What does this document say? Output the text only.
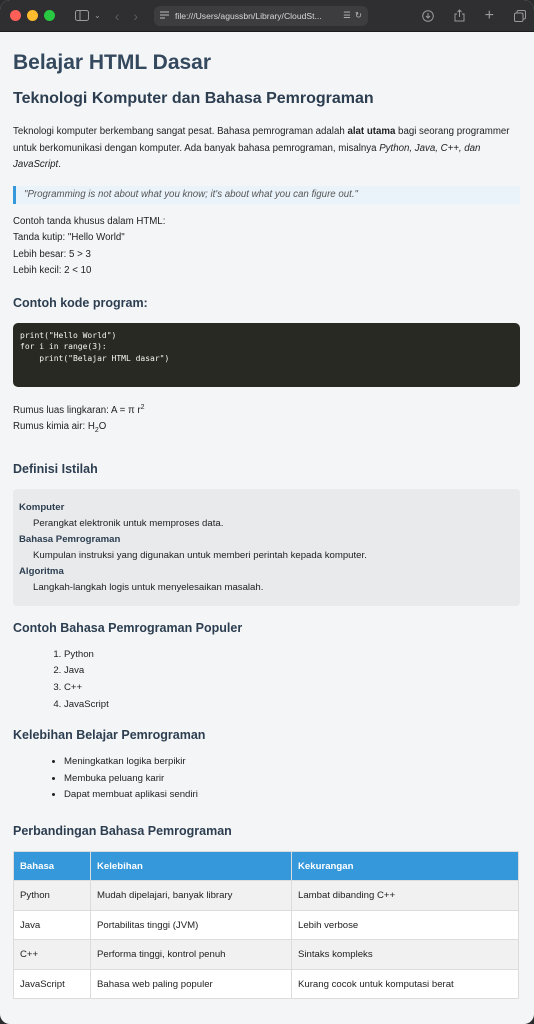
⌄ ‹ ›	file:///Users/agussbn/Library/CloudSt...	☰ ↻	+
Belajar HTML Dasar
Teknologi Komputer dan Bahasa Pemrograman

Teknologi komputer berkembang sangat pesat. Bahasa pemrograman adalah alat utama bagi seorang programmer untuk berkomunikasi dengan komputer. Ada banyak bahasa pemrograman, misalnya Python, Java, C++, dan JavaScript.

"Programming is not about what you know; it's about what you can figure out."
Contoh tanda khusus dalam HTML:
Tanda kutip: "Hello World"
Lebih besar: 5 > 3
Lebih kecil: 2 < 10
Contoh kode program:
print("Hello World")
for i in range(3):
print("Belajar HTML dasar")
Rumus luas lingkaran: A = π $r^2$
Rumus kimia air: $H_2O$
Definisi Istilah
Komputer
Perangkat elektronik untuk memproses data.
Bahasa Pemrograman
Kumpulan instruksi yang digunakan untuk memberi perintah kepada komputer.
Algoritma
Langkah-langkah logis untuk menyelesaikan masalah.
Contoh Bahasa Pemrograman Populer
1. Python
2. Java
3. C++
4. JavaScript
Kelebihan Belajar Pemrograman
• Meningkatkan logika berpikir
• Membuka peluang karir
• Dapat membuat aplikasi sendiri
Perbandingan Bahasa Pemrograman
Bahasa	Kelebihan	Kekurangan
Python	Mudah dipelajari, banyak library	Lambat dibanding C++
Java	Portabilitas tinggi (JVM)	Lebih verbose
C++	Performa tinggi, kontrol penuh	Sintaks kompleks
JavaScript	Bahasa web paling populer	Kurang cocok untuk komputasi berat
